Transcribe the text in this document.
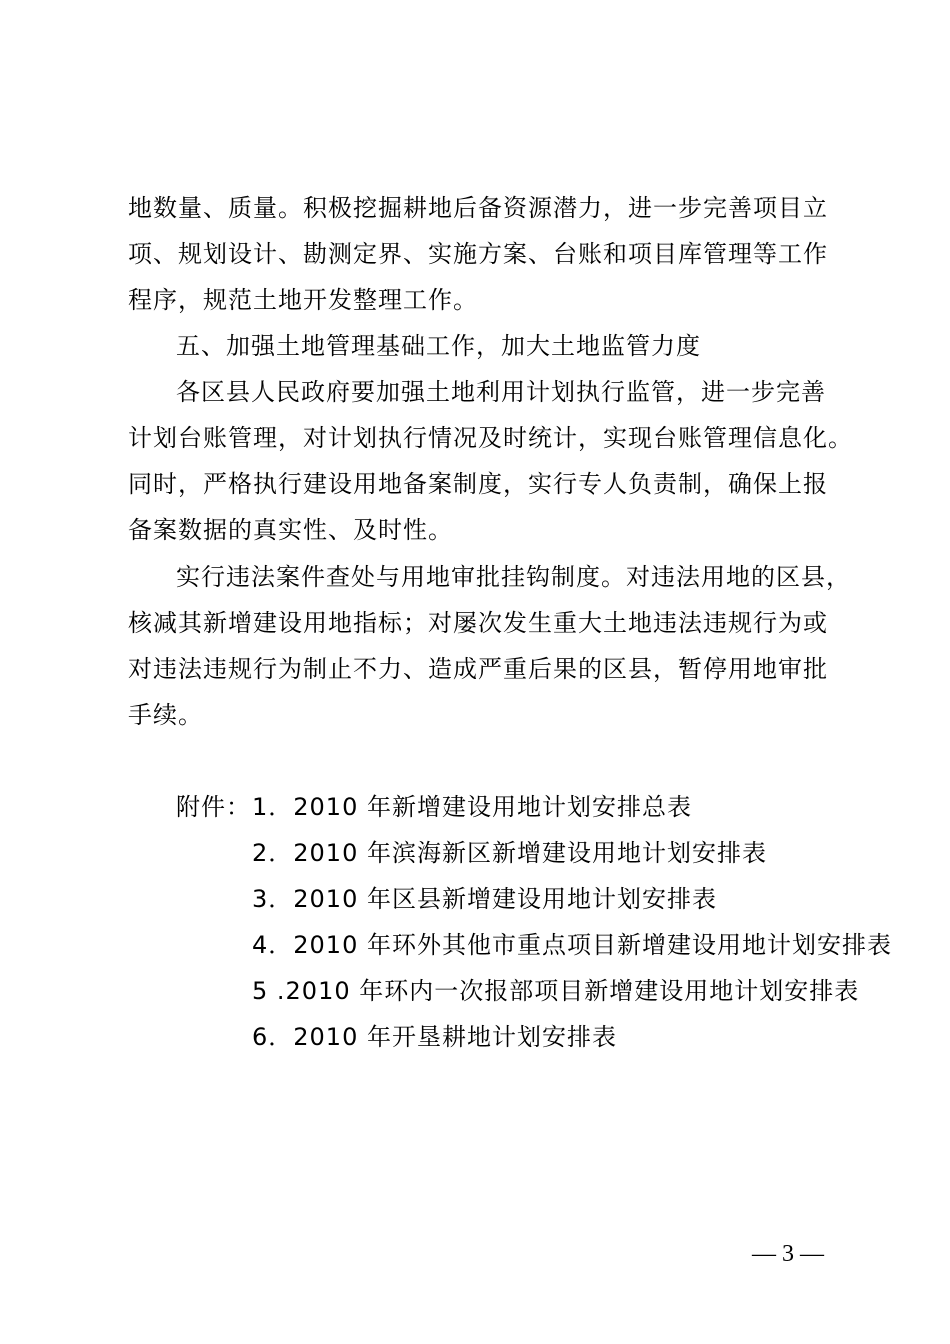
地数量、质量。积极挖掘耕地后备资源潜力，进一步完善项目立
项、规划设计、勘测定界、实施方案、台账和项目库管理等工作
程序，规范土地开发整理工作。
五、加强土地管理基础工作，加大土地监管力度
各区县人民政府要加强土地利用计划执行监管，进一步完善
计划台账管理，对计划执行情况及时统计，实现台账管理信息化。
同时，严格执行建设用地备案制度，实行专人负责制，确保上报
备案数据的真实性、及时性。
实行违法案件查处与用地审批挂钩制度。对违法用地的区县，
核减其新增建设用地指标；对屡次发生重大土地违法违规行为或
对违法违规行为制止不力、造成严重后果的区县，暂停用地审批
手续。
附件： 1．2010 年新增建设用地计划安排总表
2．2010 年滨海新区新增建设用地计划安排表
3．2010 年区县新增建设用地计划安排表
4．2010 年环外其他市重点项目新增建设用地计划安排表
5 .2010 年环内一次报部项目新增建设用地计划安排表
6．2010 年开垦耕地计划安排表
— 3 —
